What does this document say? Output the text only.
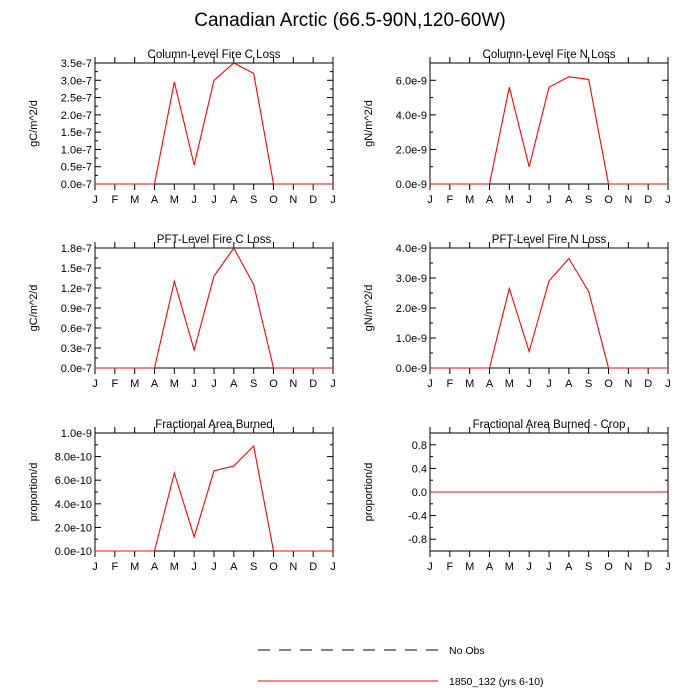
Canadian Arctic (66.5-90N,120-60W)
Column-Level Fire C Loss
gC/m^2/d
0.0e-7
0.5e-7
1.0e-7
1.5e-7
2.0e-7
2.5e-7
3.0e-7
3.5e-7
J F M A M J J A S O N D J
Column-Level Fire N Loss
gN/m^2/d
0.0e-9
2.0e-9
4.0e-9
6.0e-9
J F M A M J J A S O N D J
PFT-Level Fire C Loss
gC/m^2/d
0.0e-7
0.3e-7
0.6e-7
0.9e-7
1.2e-7
1.5e-7
1.8e-7
J F M A M J J A S O N D J
PFT-Level Fire N Loss
gN/m^2/d
0.0e-9
1.0e-9
2.0e-9
3.0e-9
4.0e-9
J F M A M J J A S O N D J
Fractional Area Burned
proportion/d
0.0e-10
2.0e-10
4.0e-10
6.0e-10
8.0e-10
1.0e-9
J F M A M J J A S O N D J
Fractional Area Burned - Crop
proportion/d
-0.8
-0.4
0.0
0.4
0.8
J F M A M J J A S O N D J
No Obs
1850_132 (yrs 6-10)
